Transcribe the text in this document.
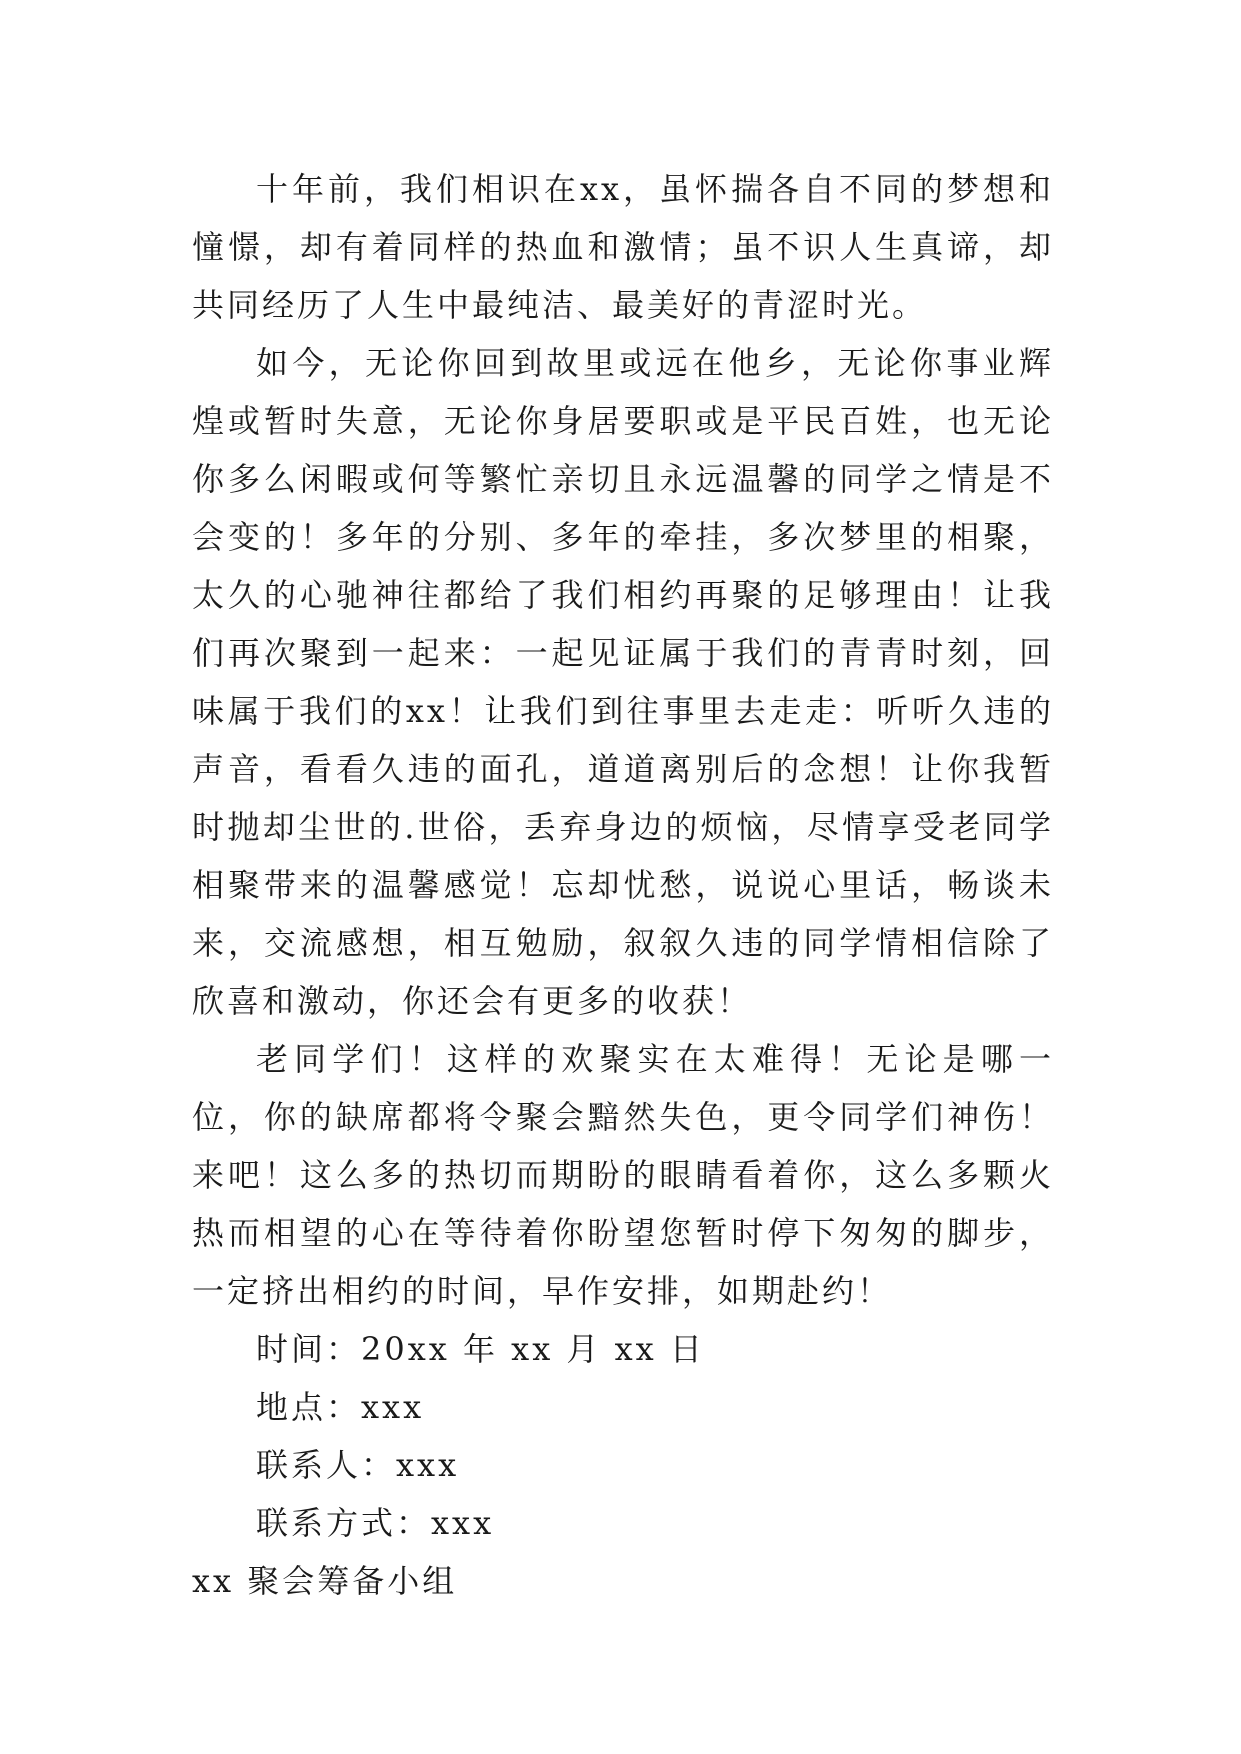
十年前，我们相识在xx，虽怀揣各自不同的梦想和憧憬，却有着同样的热血和激情；虽不识人生真谛，却共同经历了人生中最纯洁、最美好的青涩时光。

如今，无论你回到故里或远在他乡，无论你事业辉煌或暂时失意，无论你身居要职或是平民百姓，也无论你多么闲暇或何等繁忙亲切且永远温馨的同学之情是不会变的！多年的分别、多年的牵挂，多次梦里的相聚，太久的心驰神往都给了我们相约再聚的足够理由！让我们再次聚到一起来：一起见证属于我们的青青时刻，回味属于我们的xx！让我们到往事里去走走：听听久违的声音，看看久违的面孔，道道离别后的念想！让你我暂时抛却尘世的.世俗，丢弃身边的烦恼，尽情享受老同学相聚带来的温馨感觉！忘却忧愁，说说心里话，畅谈未来，交流感想，相互勉励，叙叙久违的同学情相信除了欣喜和激动，你还会有更多的收获！

老同学们！这样的欢聚实在太难得！无论是哪一位，你的缺席都将令聚会黯然失色，更令同学们神伤！来吧！这么多的热切而期盼的眼睛看着你，这么多颗火热而相望的心在等待着你盼望您暂时停下匆匆的脚步，一定挤出相约的时间，早作安排，如期赴约！

时间：20xx 年 xx 月 xx 日

地点：xxx

联系人：xxx

联系方式：xxx

xx 聚会筹备小组
